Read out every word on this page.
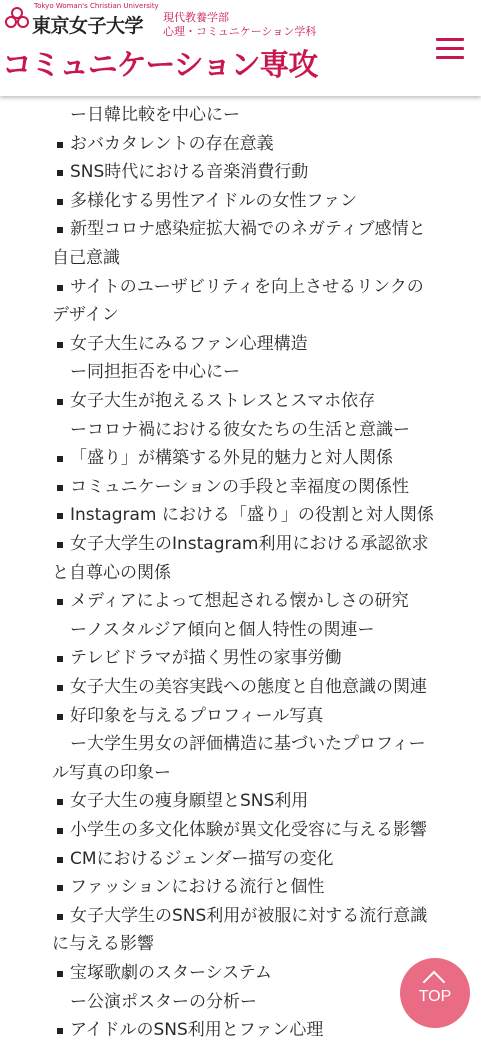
Tokyo Woman's Christian University
東京女子大学 現代教養学部
心理・コミュニケーション学科
コミュニケーション専攻
ー日韓比較を中心にー
おバカタレントの存在意義
SNS時代における音楽消費行動
多様化する男性アイドルの女性ファン
新型コロナ感染症拡大禍でのネガティブ感情と
自己意識
サイトのユーザビリティを向上させるリンクの
デザイン
女子大生にみるファン心理構造
ー同担拒否を中心にー
女子大生が抱えるストレスとスマホ依存
ーコロナ禍における彼女たちの生活と意識ー
「盛り」が構築する外見的魅力と対人関係
コミュニケーションの手段と幸福度の関係性
Instagram における「盛り」の役割と対人関係
女子大学生のInstagram利用における承認欲求
と自尊心の関係
メディアによって想起される懐かしさの研究
ーノスタルジア傾向と個人特性の関連ー
テレビドラマが描く男性の家事労働
女子大生の美容実践への態度と自他意識の関連
好印象を与えるプロフィール写真
ー大学生男女の評価構造に基づいたプロフィー
ル写真の印象ー
女子大生の痩身願望とSNS利用
小学生の多文化体験が異文化受容に与える影響
CMにおけるジェンダー描写の変化
ファッションにおける流行と個性
女子大学生のSNS利用が被服に対する流行意識
に与える影響
宝塚歌劇のスターシステム
ー公演ポスターの分析ー
アイドルのSNS利用とファン心理
TOP
